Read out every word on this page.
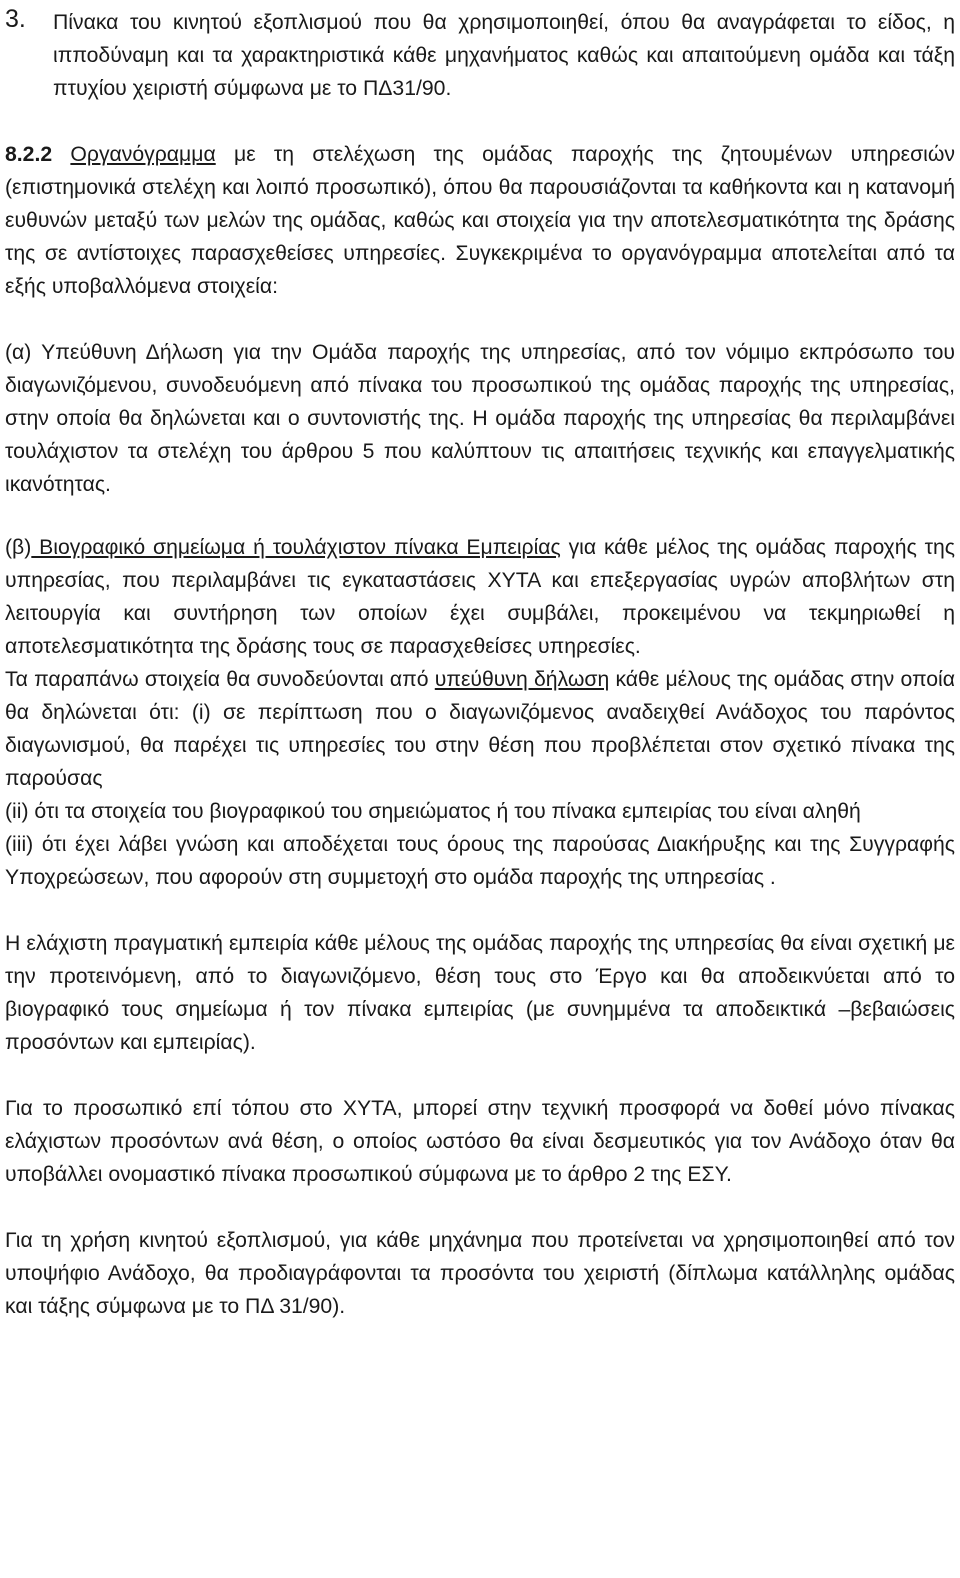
3. Πίνακα του κινητού εξοπλισμού που θα χρησιμοποιηθεί, όπου θα αναγράφεται το είδος, η ιπποδύναμη και τα χαρακτηριστικά κάθε μηχανήματος καθώς και απαιτούμενη ομάδα και τάξη πτυχίου χειριστή σύμφωνα με το ΠΔ31/90.

8.2.2 Οργανόγραμμα με τη στελέχωση της ομάδας παροχής της ζητουμένων υπηρεσιών (επιστημονικά στελέχη και λοιπό προσωπικό), όπου θα παρουσιάζονται τα καθήκοντα και η κατανομή ευθυνών μεταξύ των μελών της ομάδας, καθώς και στοιχεία για την αποτελεσματικότητα της δράσης της σε αντίστοιχες παρασχεθείσες υπηρεσίες. Συγκεκριμένα το οργανόγραμμα αποτελείται από τα εξής υποβαλλόμενα στοιχεία:

(α) Υπεύθυνη Δήλωση για την Ομάδα παροχής της υπηρεσίας, από τον νόμιμο εκπρόσωπο του διαγωνιζόμενου, συνοδευόμενη από πίνακα του προσωπικού της ομάδας παροχής της υπηρεσίας, στην οποία θα δηλώνεται και ο συντονιστής της. Η ομάδα παροχής της υπηρεσίας θα περιλαμβάνει τουλάχιστον τα στελέχη του άρθρου 5 που καλύπτουν τις απαιτήσεις τεχνικής και επαγγελματικής ικανότητας.

(β) Βιογραφικό σημείωμα ή τουλάχιστον πίνακα Εμπειρίας για κάθε μέλος της ομάδας παροχής της υπηρεσίας, που περιλαμβάνει τις εγκαταστάσεις ΧΥΤΑ και επεξεργασίας υγρών αποβλήτων στη λειτουργία και συντήρηση των οποίων έχει συμβάλει, προκειμένου να τεκμηριωθεί η αποτελεσματικότητα της δράσης τους σε παρασχεθείσες υπηρεσίες.

Τα παραπάνω στοιχεία θα συνοδεύονται από υπεύθυνη δήλωση κάθε μέλους της ομάδας στην οποία θα δηλώνεται ότι: (i) σε περίπτωση που ο διαγωνιζόμενος αναδειχθεί Ανάδοχος του παρόντος διαγωνισμού, θα παρέχει τις υπηρεσίες του στην θέση που προβλέπεται στον σχετικό πίνακα της παρούσας

(ii) ότι τα στοιχεία του βιογραφικού του σημειώματος ή του πίνακα εμπειρίας του είναι αληθή

(iii) ότι έχει λάβει γνώση και αποδέχεται τους όρους της παρούσας Διακήρυξης και της Συγγραφής Υποχρεώσεων, που αφορούν στη συμμετοχή στο ομάδα παροχής της υπηρεσίας .

Η ελάχιστη πραγματική εμπειρία κάθε μέλους της ομάδας παροχής της υπηρεσίας θα είναι σχετική με την προτεινόμενη, από το διαγωνιζόμενο, θέση τους στο Έργο και θα αποδεικνύεται από το βιογραφικό τους σημείωμα ή τον πίνακα εμπειρίας (με συνημμένα τα αποδεικτικά –βεβαιώσεις προσόντων και εμπειρίας).

Για το προσωπικό επί τόπου στο ΧΥΤΑ, μπορεί στην τεχνική προσφορά να δοθεί μόνο πίνακας ελάχιστων προσόντων ανά θέση, ο οποίος ωστόσο θα είναι δεσμευτικός για τον Ανάδοχο όταν θα υποβάλλει ονομαστικό πίνακα προσωπικού σύμφωνα με το άρθρο 2 της ΕΣΥ.

Για τη χρήση κινητού εξοπλισμού, για κάθε μηχάνημα που προτείνεται να χρησιμοποιηθεί από τον υποψήφιο Ανάδοχο, θα προδιαγράφονται τα προσόντα του χειριστή (δίπλωμα κατάλληλης ομάδας και τάξης σύμφωνα με το ΠΔ 31/90).
